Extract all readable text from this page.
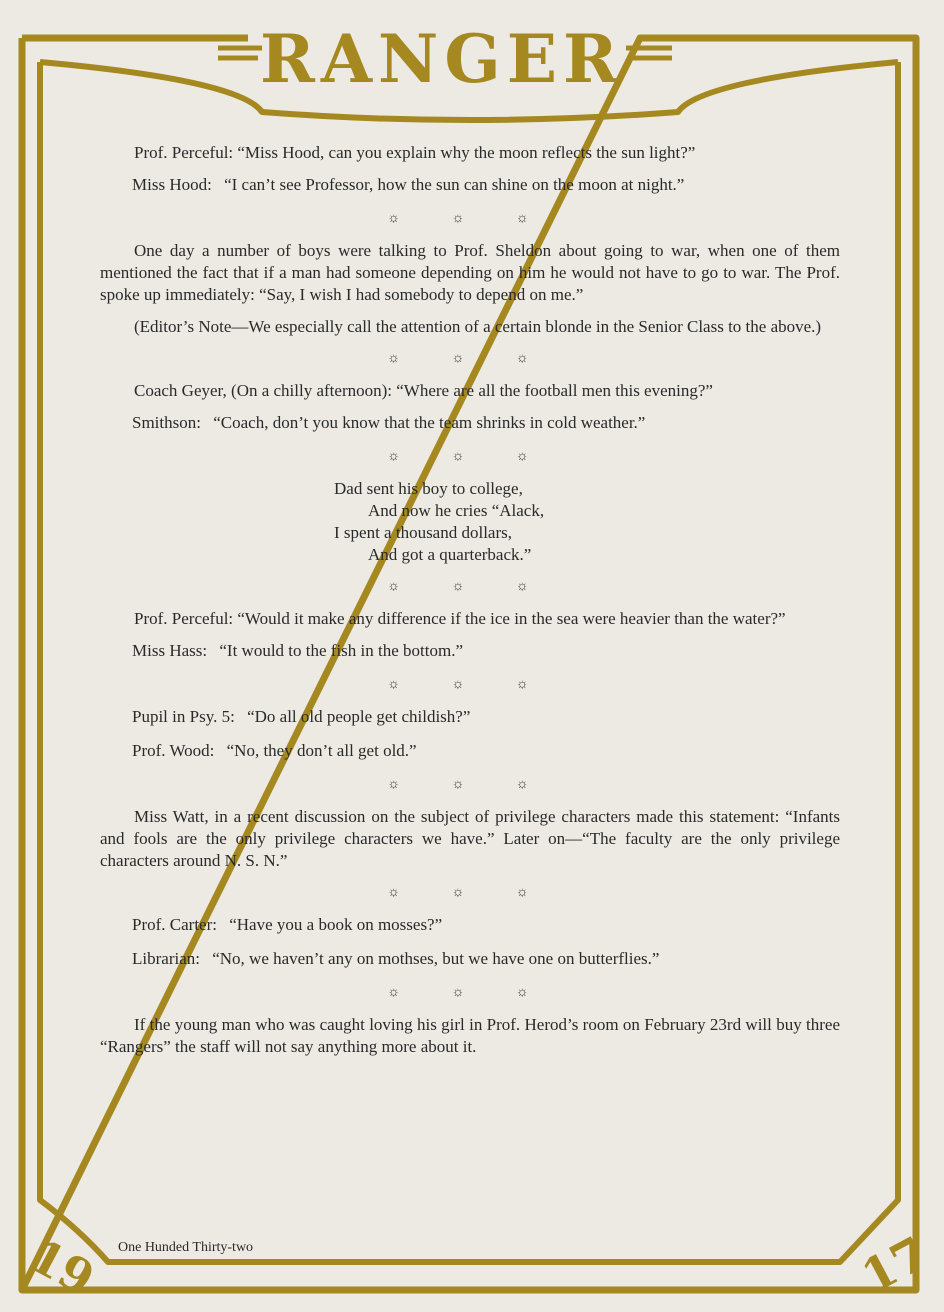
RANGER
19	17

Prof. Perceful: “Miss Hood, can you explain why the moon reflects the sun light?”

Miss Hood: “I can’t see Professor, how the sun can shine on the moon at night.”

☼ ☼ ☼

One day a number of boys were talking to Prof. Sheldon about going to war, when one of them mentioned the fact that if a man had someone depending on him he would not have to go to war. The Prof. spoke up immediately: “Say, I wish I had somebody to depend on me.”

(Editor’s Note—We especially call the attention of a certain blonde in the Senior Class to the above.)

☼ ☼ ☼

Coach Geyer, (On a chilly afternoon): “Where are all the football men this evening?”

Smithson: “Coach, don’t you know that the team shrinks in cold weather.”

☼ ☼ ☼
Dad sent his boy to college,
And now he cries “Alack,
I spent a thousand dollars,
And got a quarterback.”
☼ ☼ ☼

Prof. Perceful: “Would it make any difference if the ice in the sea were heavier than the water?”

Miss Hass: “It would to the fish in the bottom.”

☼ ☼ ☼

Pupil in Psy. 5: “Do all old people get childish?”

Prof. Wood: “No, they don’t all get old.”

☼ ☼ ☼

Miss Watt, in a recent discussion on the subject of privilege characters made this statement: “Infants and fools are the only privilege characters we have.” Later on—“The faculty are the only privilege characters around N. S. N.”

☼ ☼ ☼

Prof. Carter: “Have you a book on mosses?”

Librarian: “No, we haven’t any on mothses, but we have one on butterflies.”

☼ ☼ ☼

If the young man who was caught loving his girl in Prof. Herod’s room on February 23rd will buy three “Rangers” the staff will not say anything more about it.

One Hunded Thirty-two
